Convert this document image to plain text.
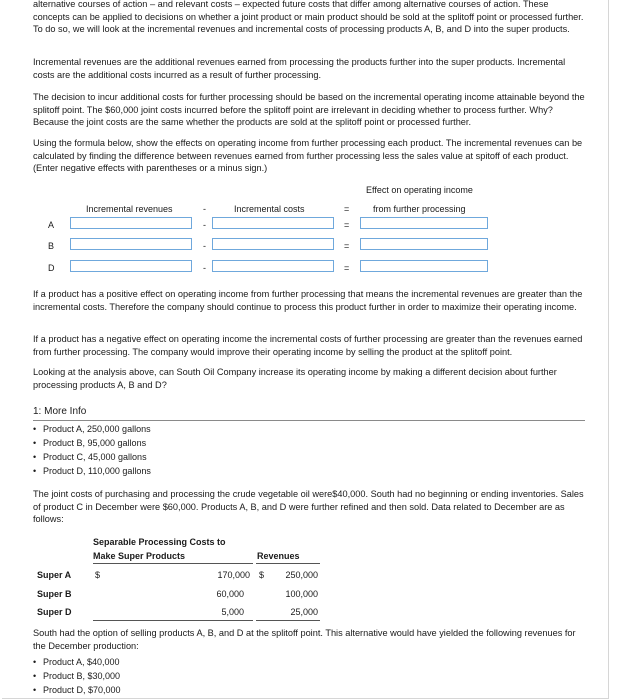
alternative courses of action – and relevant costs – expected future costs that differ among alternative courses of action. These concepts can be applied to decisions on whether a joint product or main product should be sold at the splitoff point or processed further. To do so, we will look at the incremental revenues and incremental costs of processing products A, B, and D into the super products.

Incremental revenues are the additional revenues earned from processing the products further into the super products. Incremental costs are the additional costs incurred as a result of further processing.

The decision to incur additional costs for further processing should be based on the incremental operating income attainable beyond the splitoff point. The $60,000 joint costs incurred before the splitoff point are irrelevant in deciding whether to process further. Why? Because the joint costs are the same whether the products are sold at the splitoff point or processed further.

Using the formula below, show the effects on operating income from further processing each product. The incremental revenues can be calculated by finding the difference between revenues earned from further processing less the sales value at spitoff of each product. (Enter negative effects with parentheses or a minus sign.)

Effect on operating income
Incremental revenues	-	Incremental costs	=	from further processing
A	-	=
B	-	=
D	-	=

If a product has a positive effect on operating income from further processing that means the incremental revenues are greater than the incremental costs. Therefore the company should continue to process this product further in order to maximize their operating income.

If a product has a negative effect on operating income the incremental costs of further processing are greater than the revenues earned from further processing. The company would improve their operating income by selling the product at the splitoff point.

Looking at the analysis above, can South Oil Company increase its operating income by making a different decision about further processing products A, B and D?

1: More Info
• Product A, 250,000 gallons
• Product B, 95,000 gallons
• Product C, 45,000 gallons
• Product D, 110,000 gallons

The joint costs of purchasing and processing the crude vegetable oil were$40,000. South had no beginning or ending inventories. Sales of product C in December were $60,000. Products A, B, and D were further refined and then sold. Data related to December are as follows:

Separable Processing Costs to
Make Super Products	Revenues
Super A	$	170,000 $	250,000
Super B	60,000	100,000
Super D	5,000	25,000

South had the option of selling products A, B, and D at the splitoff point. This alternative would have yielded the following revenues for the December production:

• Product A, $40,000
• Product B, $30,000
• Product D, $70,000
